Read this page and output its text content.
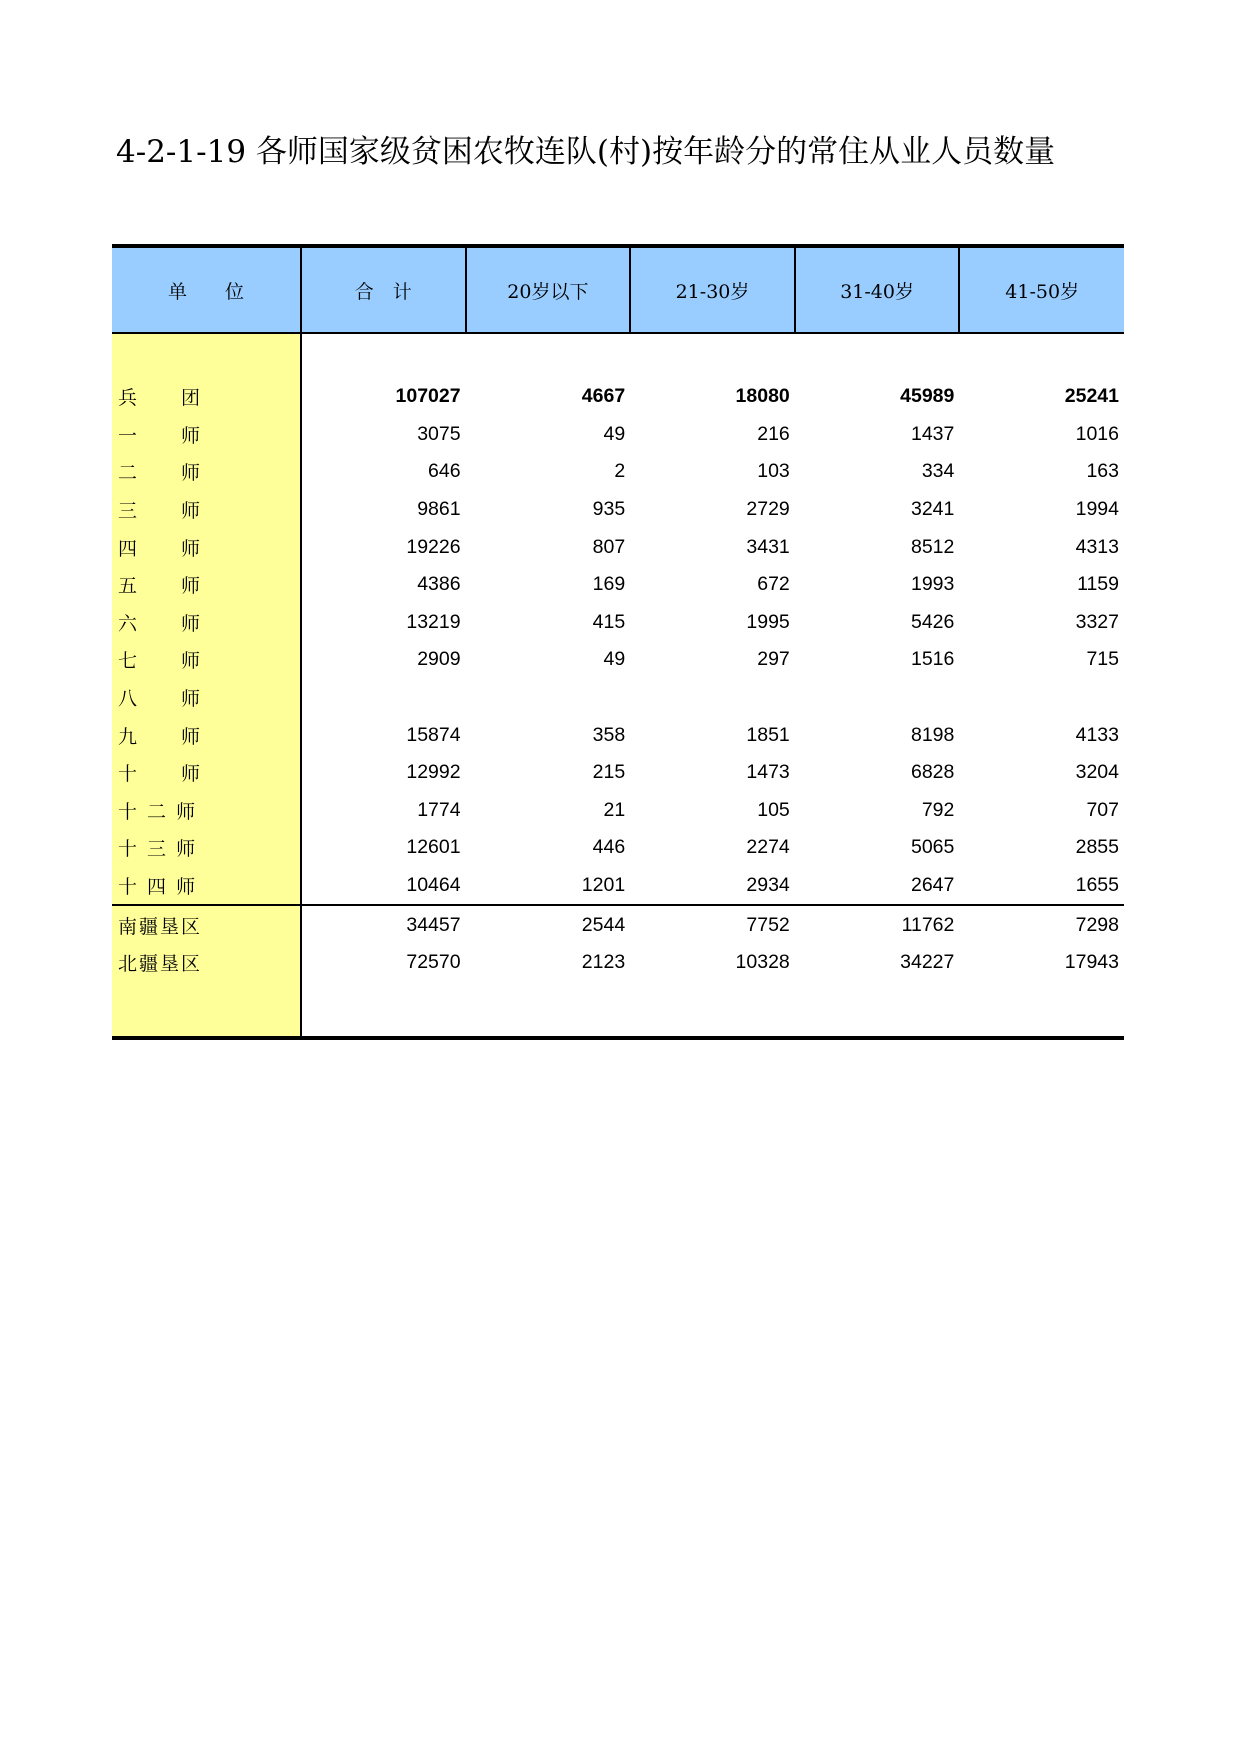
4-2-1-19 各师国家级贫困农牧连队(村)按年龄分的常住从业人员数量
单　　位	合　计	20岁以下	21-30岁	31-40岁	41-50岁

兵　　团	107027	4667	18080	45989	25241
一　　师	3075	49	216	1437	1016
二　　师	646	2	103	334	163
三　　师	9861	935	2729	3241	1994
四　　师	19226	807	3431	8512	4313
五　　师	4386	169	672	1993	1159
六　　师	13219	415	1995	5426	3327
七　　师	2909	49	297	1516	715
八　　师					
九　　师	15874	358	1851	8198	4133
十　　师	12992	215	1473	6828	3204
十 二 师	1774	21	105	792	707
十 三 师	12601	446	2274	5065	2855
十 四 师	10464	1201	2934	2647	1655
南疆垦区	34457	2544	7752	11762	7298
北疆垦区	72570	2123	10328	34227	17943
